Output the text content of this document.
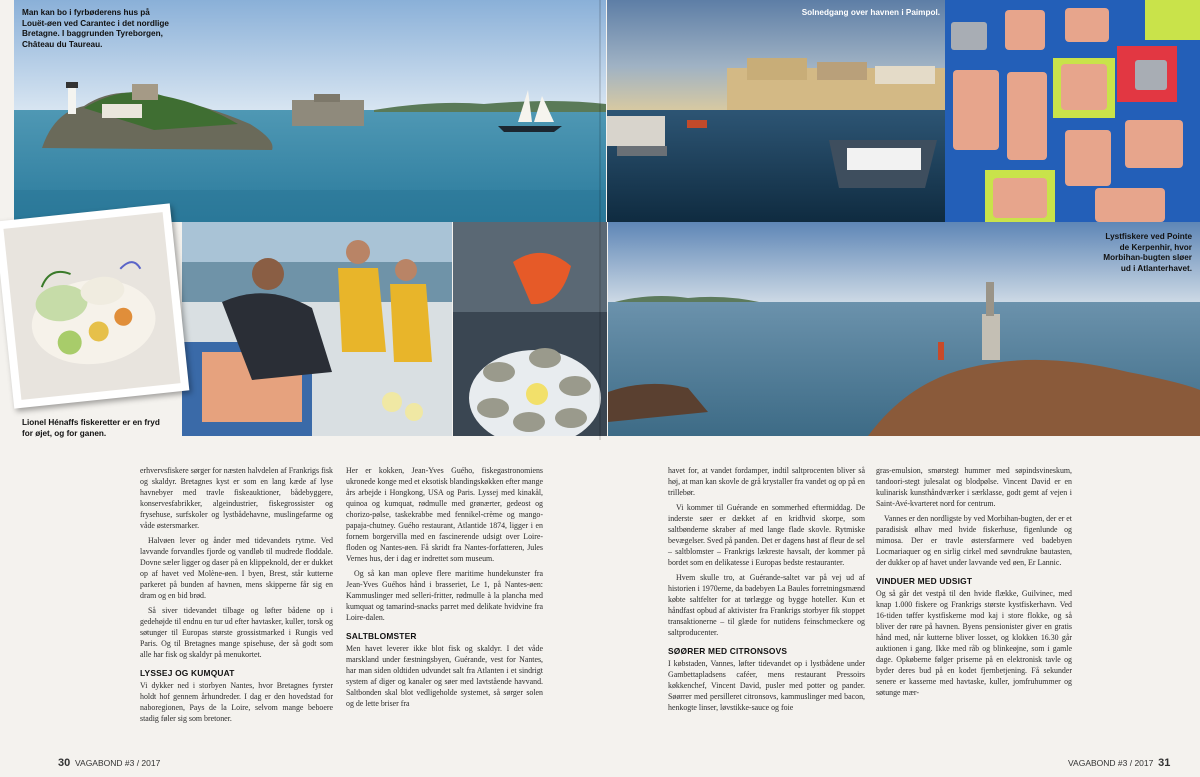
Man kan bo i fyrbøderens hus på Louët-øen ved Carantec i det nordlige Bretagne. I baggrunden Tyreborgen, Château du Taureau.
Solnedgang over havnen i Paimpol.
Lystfiskere ved Pointe de Kerpenhir, hvor Morbihan-bugten sløer ud i Atlanterhavet.
Lionel Hénaffs fiskeretter er en fryd for øjet, og for ganen.

erhvervsfiskere sørger for næsten halvdelen af Frankrigs fisk og skaldyr. Bretagnes kyst er som en lang kæde af lyse havnebyer med travle fiskeauktioner, bådebyggere, konservesfabrikker, algeindustrier, fiskegrossister og frysehuse, surfskoler og lystbådehavne, muslingefarme og våde østersmarker.

Halvøen lever og ånder med tidevandets rytme. Ved lavvande forvandles fjorde og vandløb til mudrede floddale. Dovne sæler ligger og daser på en klippeknold, der er dukket op af havet ved Molène-øen. I byen, Brest, står kutterne parkeret på bunden af havnen, mens skipperne får sig en dram og en bid brød.

Så siver tidevandet tilbage og løfter bådene op i gedehøjde til endnu en tur ud efter havtasker, kuller, torsk og søtunger til Europas største grossistmarked i Rungis ved Paris. Og til Bretagnes mange spisehuse, der så godt som alle har fisk og skaldyr på menukortet.

LYSSEJ OG KUMQUAT

Vi dykker ned i storbyen Nantes, hvor Bretagnes fyrster holdt hof gennem århundreder. I dag er den hovedstad for naboregionen, Pays de la Loire, selvom mange beboere stadig føler sig som bretoner.

Her er kokken, Jean-Yves Guého, fiskegastronomiens ukronede konge med et eksotisk blandingskøkken efter mange års arbejde i Hongkong, USA og Paris. Lyssej med kinakål, quinoa og kumquat, rødmulle med grønærter, gedeost og chorizo-pølse, taskekrabbe med fennikel-crème og mango-papaja-chutney. Guého restaurant, Atlantide 1874, ligger i en fornem borgervilla med en fascinerende udsigt over Loire-floden og Nantes-øen. Få skridt fra Nantes-forfatteren, Jules Vernes hus, der i dag er indrettet som museum.

Og så kan man opleve flere maritime hundekunster fra Jean-Yves Guéhos hånd i brasseriet, Le 1, på Nantes-øen: Kammuslinger med selleri-fritter, rødmulle à la plancha med kumquat og tamarind-snacks parret med delikate hvidvine fra Loire-dalen.

SALTBLOMSTER

Men havet leverer ikke blot fisk og skaldyr. I det våde marskland under fæstningsbyen, Guérande, vest for Nantes, har man siden oldtiden udvundet salt fra Atlanten i et sindrigt system af diger og kanaler og søer med lavtstående havvand. Saltbonden skal blot vedligeholde systemet, så sørger solen og de lette briser fra

havet for, at vandet fordamper, indtil saltprocenten bliver så høj, at man kan skovle de grå krystaller fra vandet og op på en trillebør.

Vi kommer til Guérande en sommerhed eftermiddag. De inderste søer er dækket af en kridhvid skorpe, som saltbønderne skraber af med lange flade skovle. Rytmiske bevægelser. Sved på panden. Det er dagens høst af fleur de sel – saltblomster – Frankrigs lækreste havsalt, der kommer på bordet som en delikatesse i Europas bedste restauranter.

Hvem skulle tro, at Guérande-saltet var på vej ud af historien i 1970erne, da badebyen La Baules forretningsmænd købte saltfelter for at tørlægge og bygge hoteller. Kun et håndfast opbud af aktivister fra Frankrigs storbyer fik stoppet transaktionerne – til glæde for nutidens feinschmeckere og saltproducenter.

SØØRER MED CITRONSOVS

I købstaden, Vannes, løfter tidevandet op i lystbådene under Gambettapladsens caféer, mens restaurant Pressoirs køkkenchef, Vincent David, pusler med potter og pander. Søørrer med persilleret citronsovs, kammuslinger med bacon, henkogte linser, løvstikke-sauce og foie

gras-emulsion, smørstegt hummer med søpindsvineskum, tandoori-stegt julesalat og blodpølse. Vincent David er en kulinarisk kunsthåndværker i særklasse, godt gemt af vejen i Saint-Avé-kvarteret nord for centrum.

Vannes er den nordligste by ved Morbihan-bugten, der er et paradisisk ølhav med hvide fiskerhuse, figenlunde og mimosa. Der er travle østersfarmere ved badebyen Locmariaquer og en sirlig cirkel med søvndrukne bautasten, der dukker op af havet under lavvande ved øen, Er Lannic.

VINDUER MED UDSIGT

Og så går det vestpå til den hvide flække, Guilvinec, med knap 1.000 fiskere og Frankrigs største kystfiskerhavn. Ved 16-tiden tøffer kystfiskerne mod kaj i store flokke, og så bliver der røre på havnen. Byens pensionister giver en gratis hånd med, når kutterne bliver losset, og klokken 16.30 går auktionen i gang. Ikke med råb og blinkeøjne, som i gamle dage. Opkøberne følger priserne på en elektronisk tavle og byder deres bud på en kodet fjernbetjening. Få sekunder senere er kasserne med havtaske, kuller, jomfruhummer og søtunge mær-

30 VAGABOND #3 / 2017	VAGABOND #3 / 2017 31
